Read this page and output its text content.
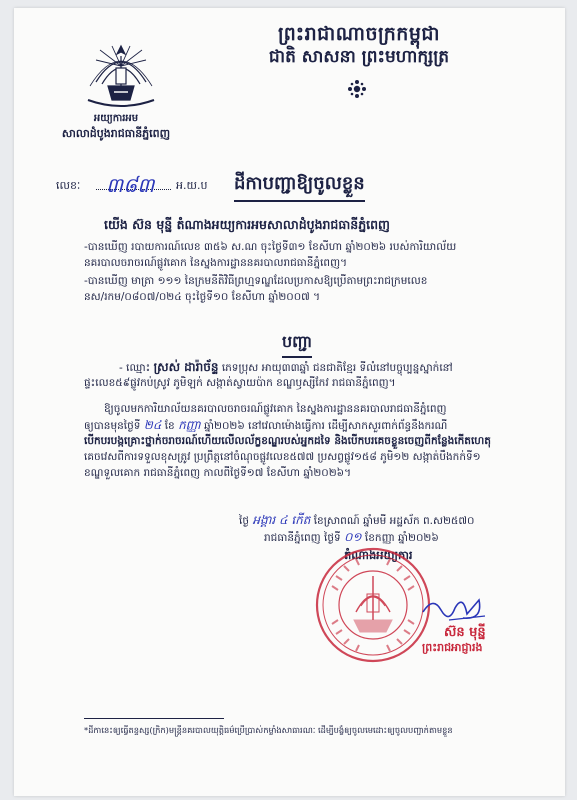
ព្រះរាជាណាចក្រកម្ពុជា
ជាតិ សាសនា ព្រះមហាក្សត្រ
អយ្យការអម
សាលាដំបូងរាជធានីភ្នំពេញ
លេខៈ ៣៨៣ អ.យ.ប ដីកាបញ្ជាឱ្យចូលខ្លួន
យើង ស៊ន មុន្នី តំណាងអយ្យការអមសាលាដំបូងរាជធានីភ្នំពេញ
-បានឃើញ របាយការណ៍លេខ ៣៥៦ ស.ណ ចុះថ្ងៃទី៣១ ខែសីហា ឆ្នាំ២០២៦ របស់ការិយាល័យ
នគរបាលចរាចរណ៍ផ្លូវគោក នៃស្នងការដ្ឋាននគរបាលរាជធានីភ្នំពេញ។
-បានឃើញ មាត្រា ១១១ នៃក្រមនីតិវិធីព្រហ្មទណ្ឌដែលប្រកាសឱ្យប្រើតាមព្រះរាជក្រមលេខ
នស/រកម/០៨០៧/០២៤ ចុះថ្ងៃទី១០ ខែសីហា ឆ្នាំ២០០៧ ។
បញ្ជា
- ឈ្មោះ ស្រស់ ដារ៉ាច័ន្ទ ភេទប្រុស អាយុ៣៣ឆ្នាំ ជនជាតិខ្មែរ ទីលំនៅបច្ចុប្បន្នស្នាក់នៅ
ផ្ទះលេខ៥៩ផ្លូវកប់ស្រូវ ភូមិឡក់ សង្កាត់ស្វាយប៉ាក ខណ្ឌឫស្សីកែវ រាជធានីភ្នំពេញ។
ឱ្យចូលមកការិយាល័យនគរបាលចរាចរណ៍ផ្លូវគោក នៃស្នងការដ្ឋាននគរបាលរាជធានីភ្នំពេញ
ឲ្យបានមុនថ្ងៃទី ២៤ ខែ កញ្ញា ឆ្នាំ២០២៦ នៅវេលាម៉ោងធ្វើការ ដើម្បីសាកសួរពាក់ព័ន្ធនឹងករណី
បើកបរបង្កគ្រោះថ្នាក់ចរាចរណ៍ហើយលើលល័ក្ខខណ្ឌរបស់អ្នកដទៃ និងបើកបរគេចខ្លួនចេញពីកន្លែងកើតហេតុ
គេចវេសពីការទទួលខុសត្រូវ ប្រព្រឹត្តនៅចំណុចផ្លូវលេខ៥៧៧ ប្រសព្វផ្លូវ១៥៨ ភូមិ១២ សង្កាត់បឹងកក់ទី១
ខណ្ឌទួលគោក រាជធានីភ្នំពេញ កាលពីថ្ងៃទី១៧ ខែសីហា ឆ្នាំ២០២៦។
ថ្ងៃ អង្គារ ៤ កើត ខែស្រាពណ៍ ឆ្នាំមមី អដ្ឋស័ក ព.ស២៥៧០
រាជធានីភ្នំពេញ ថ្ងៃទី ០១ ខែកញ្ញា ឆ្នាំ២០២៦
តំណាងអយ្យការ
ស៊ន មុន្នី
ព្រះរាជអាជ្ញារង
*ដីកានេះឲ្យធ្វើតន្ទស្ស(ក្រិក)មន្រ្តីនគរបាលយុត្តិធម៌ប្រើប្រាស់កម្លាំងសាធារណៈ ដើម្បីបង្ខំឲ្យចូលមេដោះឲ្យចូលបញ្ជាក់តាមខ្លួន
